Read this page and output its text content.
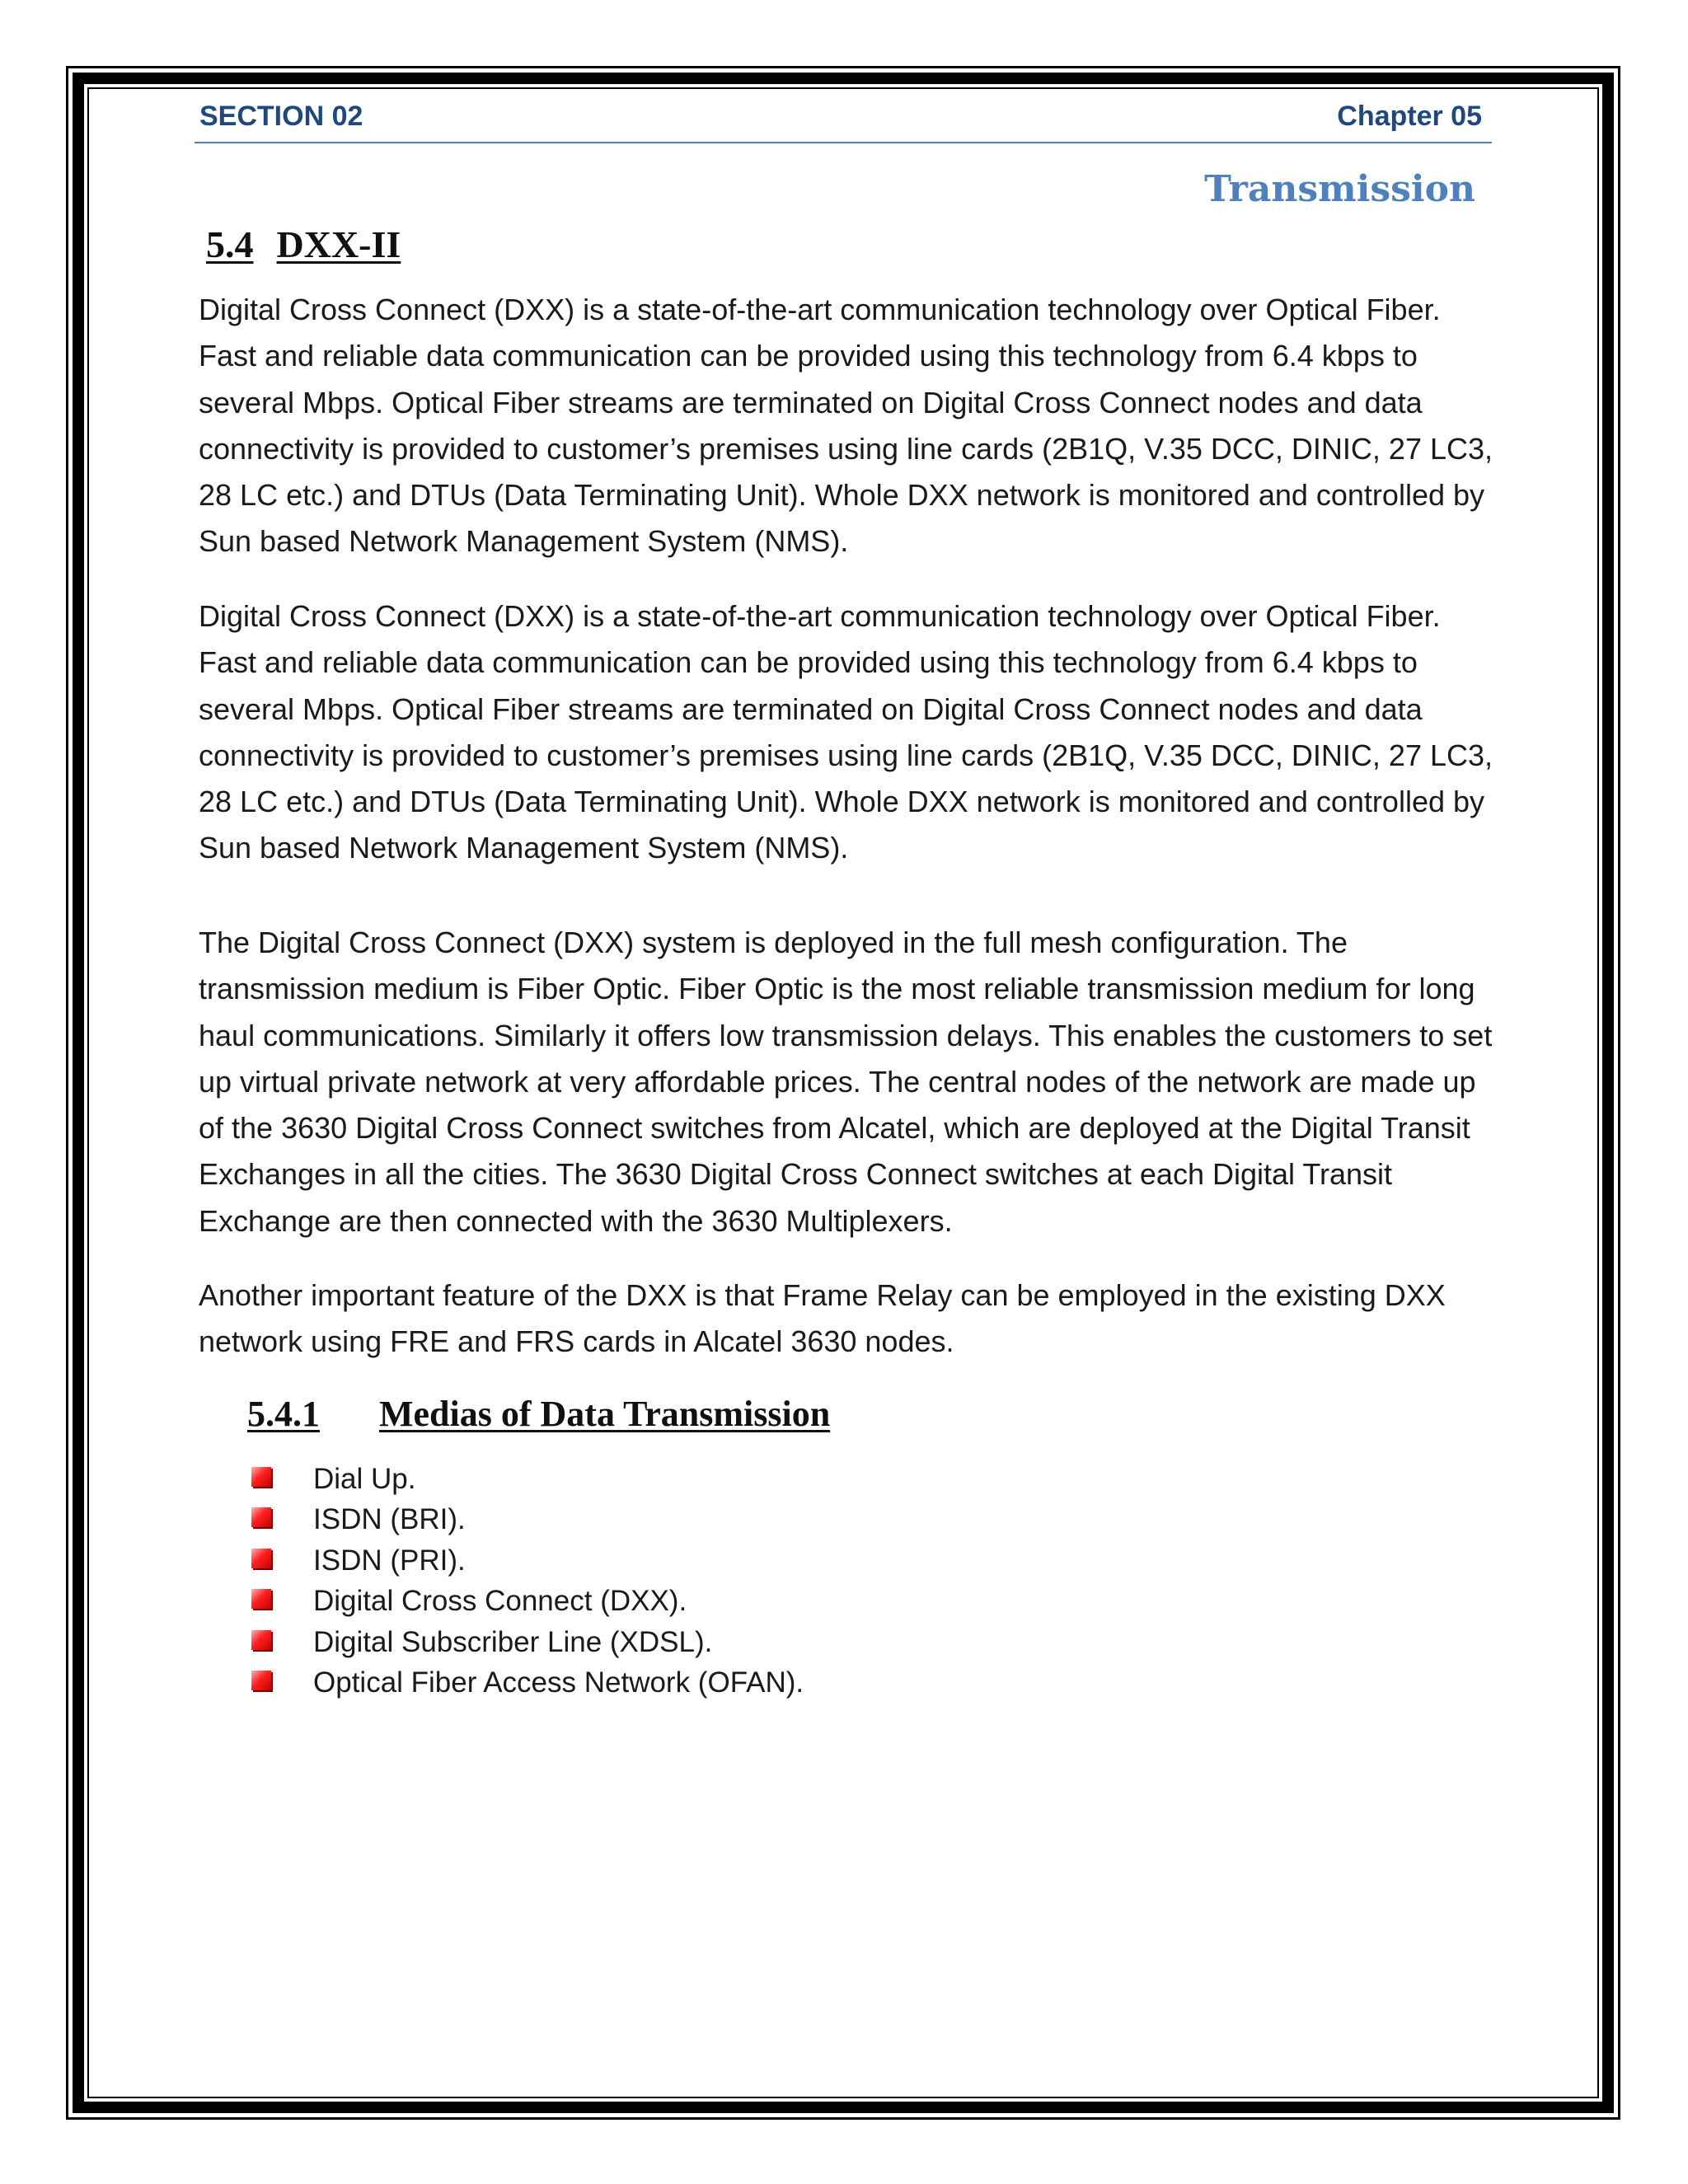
SECTION 02	Chapter 05
Transmission
5.4 DXX-II

Digital Cross Connect (DXX) is a state-of-the-art communication technology over Optical Fiber. Fast and reliable data communication can be provided using this technology from 6.4 kbps to several Mbps. Optical Fiber streams are terminated on Digital Cross Connect nodes and data connectivity is provided to customer’s premises using line cards (2B1Q, V.35 DCC, DINIC, 27 LC3, 28 LC etc.) and DTUs (Data Terminating Unit). Whole DXX network is monitored and controlled by Sun based Network Management System (NMS).

Digital Cross Connect (DXX) is a state-of-the-art communication technology over Optical Fiber. Fast and reliable data communication can be provided using this technology from 6.4 kbps to several Mbps. Optical Fiber streams are terminated on Digital Cross Connect nodes and data connectivity is provided to customer’s premises using line cards (2B1Q, V.35 DCC, DINIC, 27 LC3, 28 LC etc.) and DTUs (Data Terminating Unit). Whole DXX network is monitored and controlled by Sun based Network Management System (NMS).

The Digital Cross Connect (DXX) system is deployed in the full mesh configuration. The transmission medium is Fiber Optic. Fiber Optic is the most reliable transmission medium for long haul communications. Similarly it offers low transmission delays. This enables the customers to set up virtual private network at very affordable prices. The central nodes of the network are made up of the 3630 Digital Cross Connect switches from Alcatel, which are deployed at the Digital Transit Exchanges in all the cities. The 3630 Digital Cross Connect switches at each Digital Transit Exchange are then connected with the 3630 Multiplexers.

Another important feature of the DXX is that Frame Relay can be employed in the existing DXX network using FRE and FRS cards in Alcatel 3630 nodes.

5.4.1 Medias of Data Transmission
Dial Up.
ISDN (BRI).
ISDN (PRI).
Digital Cross Connect (DXX).
Digital Subscriber Line (XDSL).
Optical Fiber Access Network (OFAN).
